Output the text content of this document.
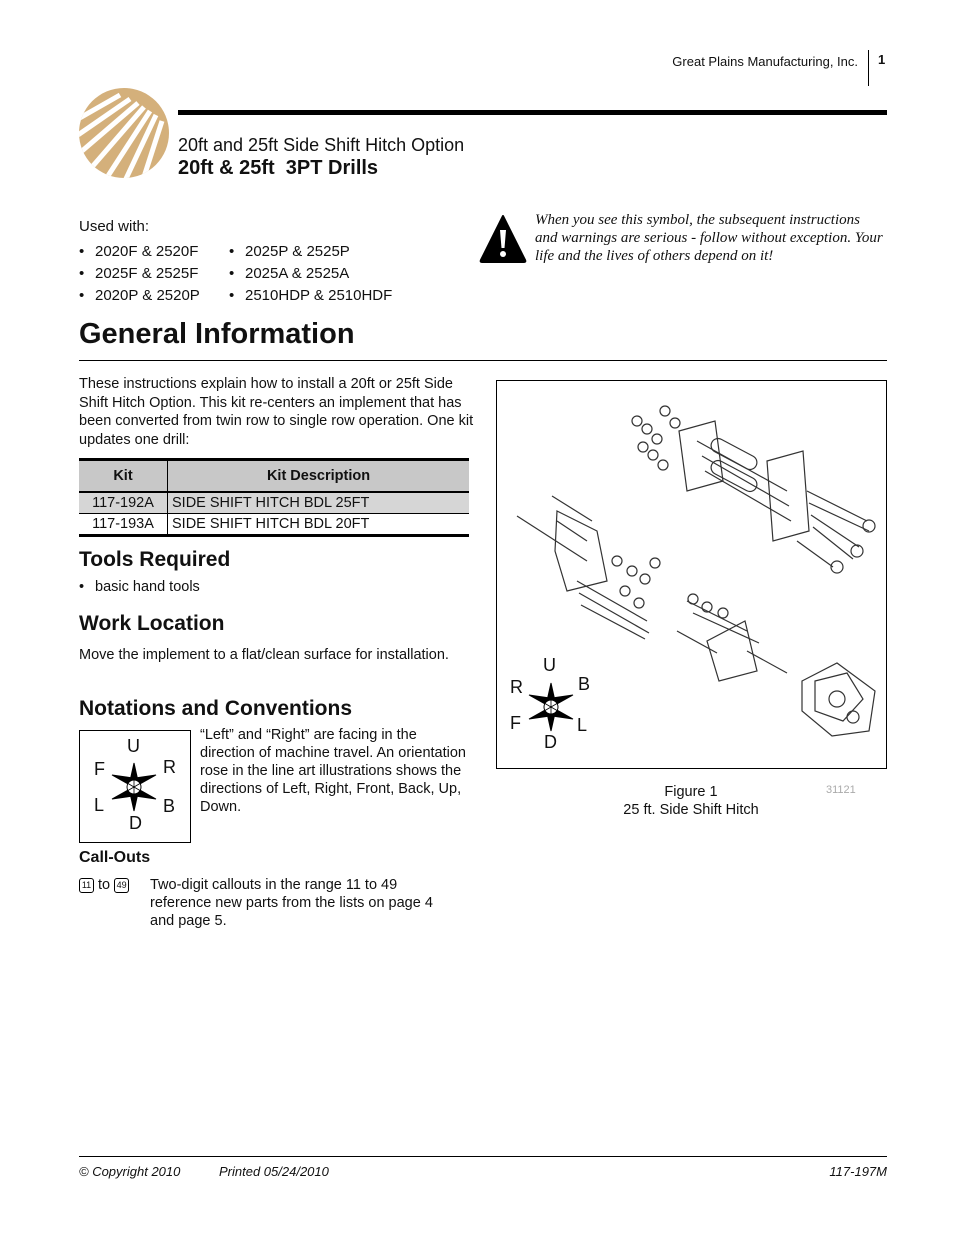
Great Plains Manufacturing, Inc. 1
20ft and 25ft Side Shift Hitch Option
20ft & 25ft  3PT Drills
Used with:
• 2020F & 2520F
• 2025F & 2525F
• 2020P & 2520P
• 2025P & 2525P
• 2025A & 2525A
• 2510HDP & 2510HDF
When you see this symbol, the subsequent instructions and warnings are serious - follow without exception. Your life and the lives of others depend on it!
General Information
These instructions explain how to install a 20ft or 25ft Side Shift Hitch Option. This kit re-centers an implement that has been converted from twin row to single row operation. One kit updates one drill:
Kit	Kit Description
117-192A	SIDE SHIFT HITCH BDL 25FT
117-193A	SIDE SHIFT HITCH BDL 20FT
Tools Required
• basic hand tools
Work Location
Move the implement to a flat/clean surface for installation.
Notations and Conventions
U
F	R
L	B
D
“Left” and “Right” are facing in the direction of machine travel. An orientation rose in the line art illustrations shows the directions of Left, Right, Front, Back, Up, Down.
Call-Outs
11 to 49 Two-digit callouts in the range 11 to 49 reference new parts from the lists on page 4 and page 5.
U
R	B
F	L
D
Figure 1
25 ft. Side Shift Hitch
31121
© Copyright 2010	Printed 05/24/2010	117-197M
